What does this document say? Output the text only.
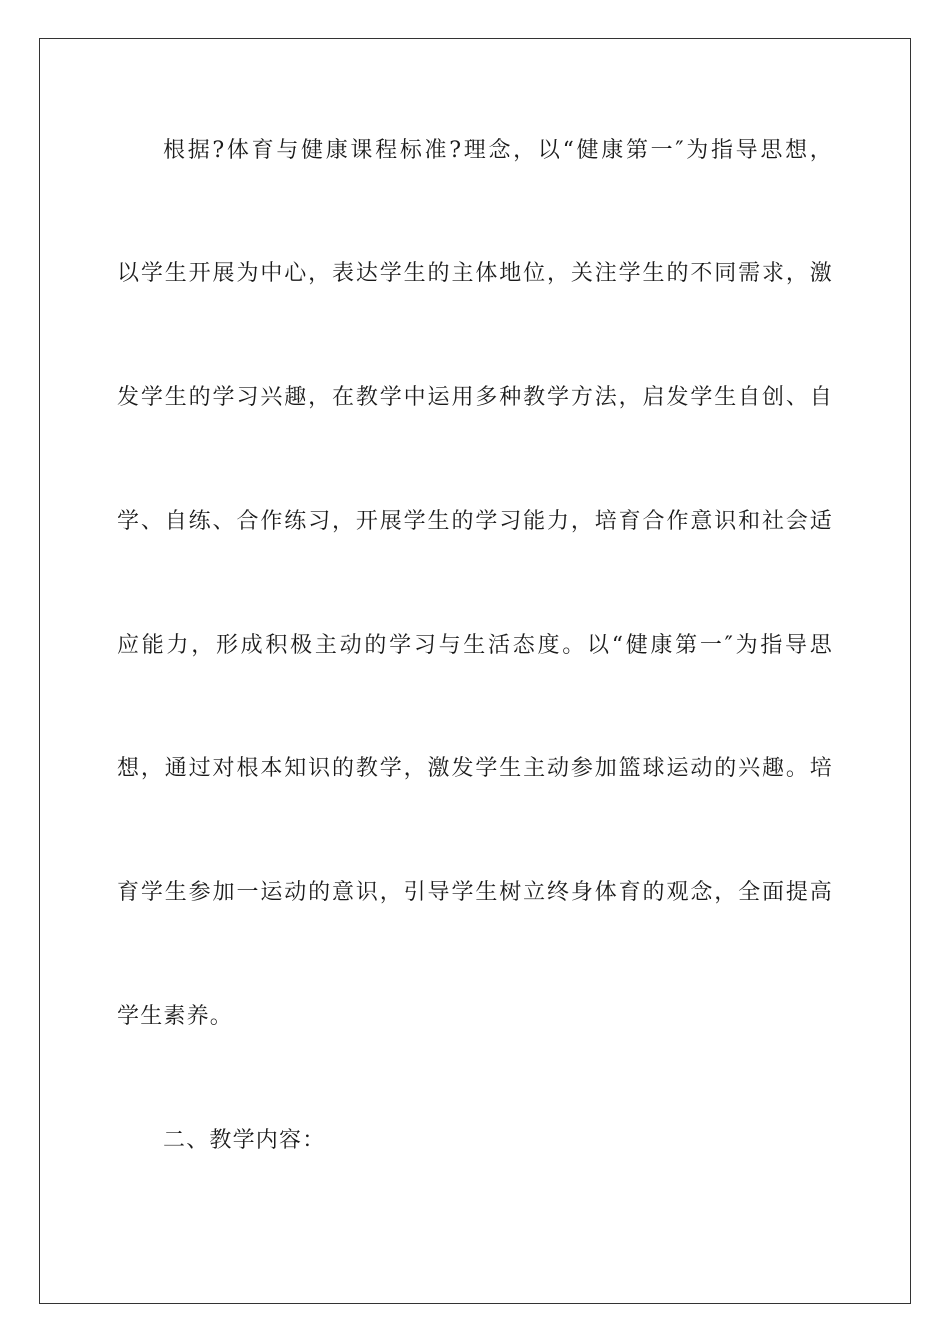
根据?体育与健康课程标准?理念，以“健康第一″为指导思想，
以学生开展为中心，表达学生的主体地位，关注学生的不同需求，激
发学生的学习兴趣，在教学中运用多种教学方法，启发学生自创、自
学、自练、合作练习，开展学生的学习能力，培育合作意识和社会适
应能力，形成积极主动的学习与生活态度。以“健康第一″为指导思
想，通过对根本知识的教学，激发学生主动参加篮球运动的兴趣。培
育学生参加一运动的意识，引导学生树立终身体育的观念，全面提高
学生素养。
二、教学内容：
